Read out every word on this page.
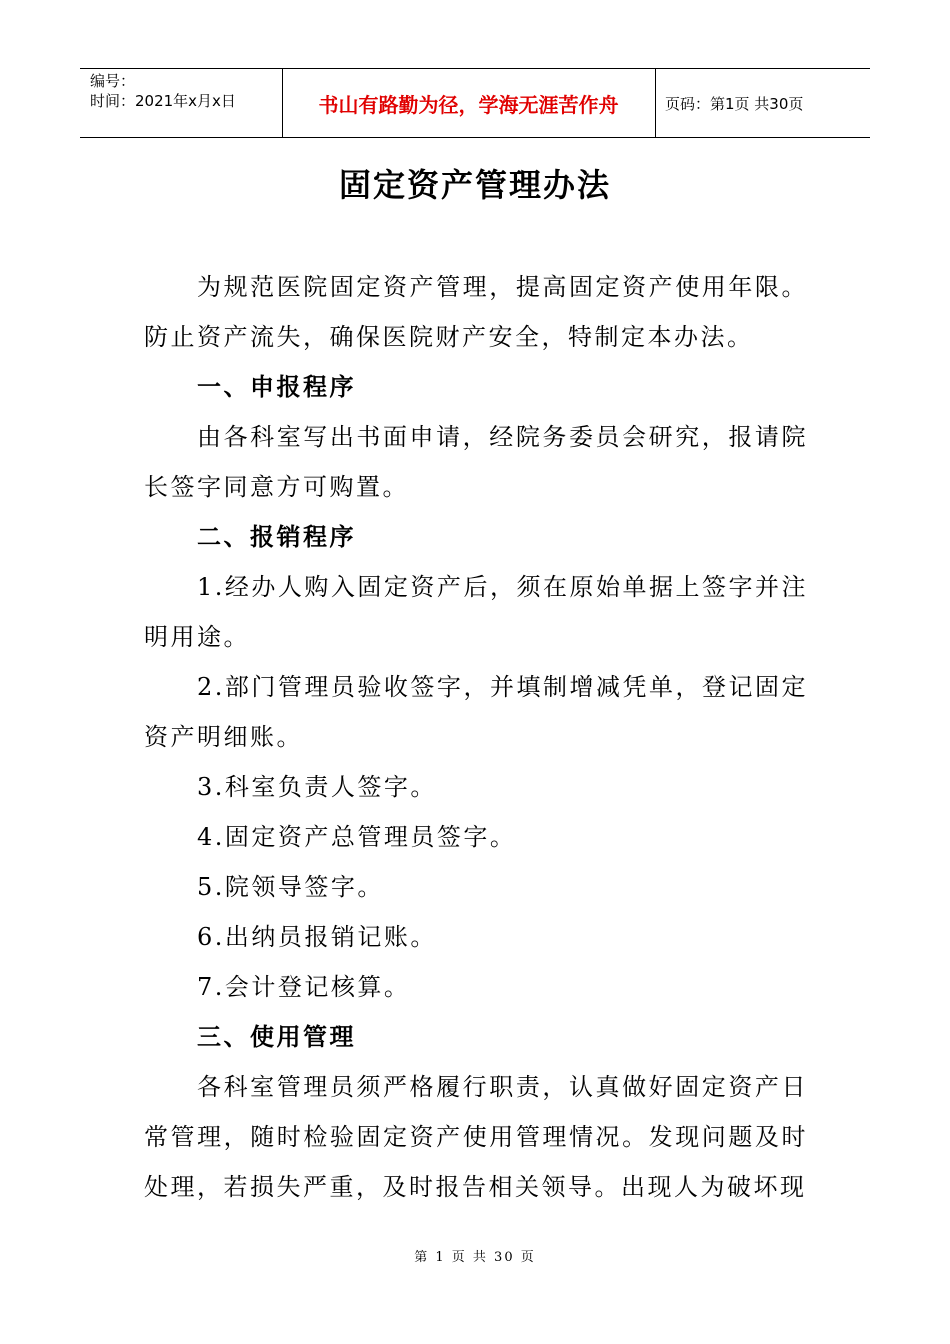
编号：
时间：2021年x月x日	书山有路勤为径，学海无涯苦作舟	页码：第1页 共30页
固定资产管理办法

为规范医院固定资产管理，提高固定资产使用年限。防止资产流失，确保医院财产安全，特制定本办法。

一、申报程序

由各科室写出书面申请，经院务委员会研究，报请院长签字同意方可购置。

二、报销程序

1.经办人购入固定资产后，须在原始单据上签字并注明用途。

2.部门管理员验收签字，并填制增减凭单，登记固定资产明细账。

3.科室负责人签字。

4.固定资产总管理员签字。

5.院领导签字。

6.出纳员报销记账。

7.会计登记核算。

三、使用管理

各科室管理员须严格履行职责，认真做好固定资产日常管理，随时检验固定资产使用管理情况。发现问题及时处理，若损失严重，及时报告相关领导。出现人为破坏现

第 1 页 共 30 页
